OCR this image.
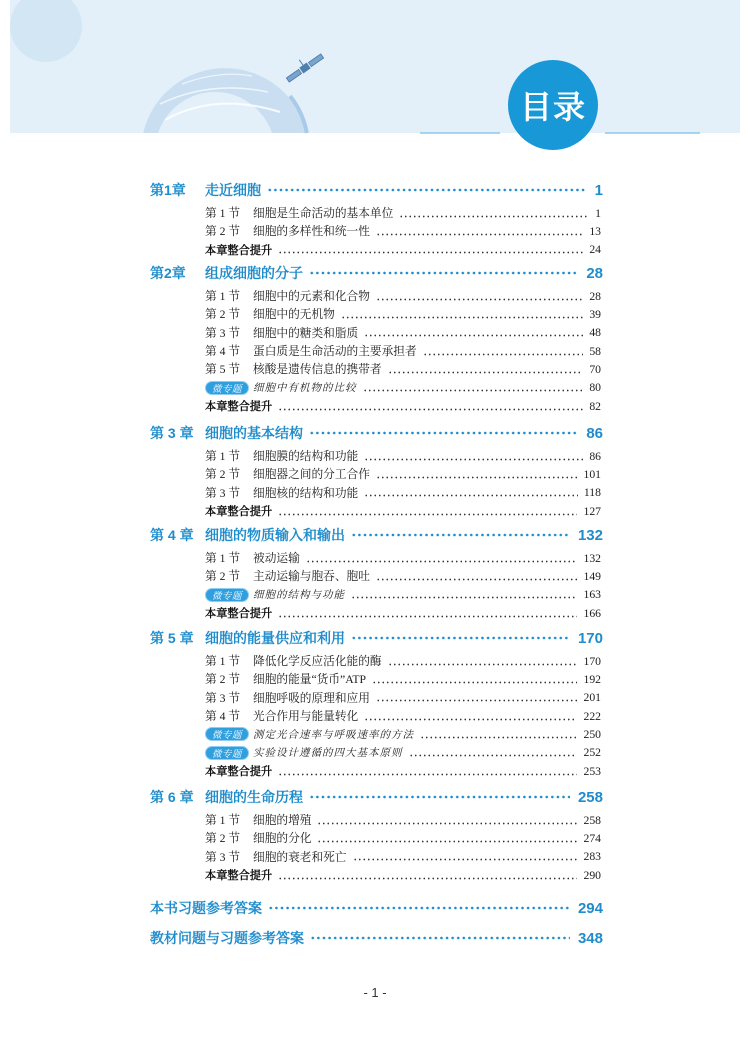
目录
第1章	走近细胞	1
第 1 节	细胞是生命活动的基本单位	1
第 2 节	细胞的多样性和统一性	13
本章整合提升	24
第2章	组成细胞的分子	28
第 1 节	细胞中的元素和化合物	28
第 2 节	细胞中的无机物	39
第 3 节	细胞中的糖类和脂质	48
第 4 节	蛋白质是生命活动的主要承担者	58
第 5 节	核酸是遗传信息的携带者	70
微专题	细胞中有机物的比较	80
本章整合提升	82
第 3 章 细胞的基本结构	86
第 1 节	细胞膜的结构和功能	86
第 2 节	细胞器之间的分工合作	101
第 3 节	细胞核的结构和功能	118
本章整合提升	127
第 4 章 细胞的物质输入和输出	132
第 1 节	被动运输	132
第 2 节	主动运输与胞吞、胞吐	149
微专题	细胞的结构与功能	163
本章整合提升	166
第 5 章 细胞的能量供应和利用	170
第 1 节	降低化学反应活化能的酶	170
第 2 节	细胞的能量“货币”ATP	192
第 3 节	细胞呼吸的原理和应用	201
第 4 节	光合作用与能量转化	222
微专题	测定光合速率与呼吸速率的方法	250
微专题	实验设计遵循的四大基本原则	252
本章整合提升	253
第 6 章 细胞的生命历程	258
第 1 节	细胞的增殖	258
第 2 节	细胞的分化	274
第 3 节	细胞的衰老和死亡	283
本章整合提升	290
本书习题参考答案	294
教材问题与习题参考答案	348
- 1 -
